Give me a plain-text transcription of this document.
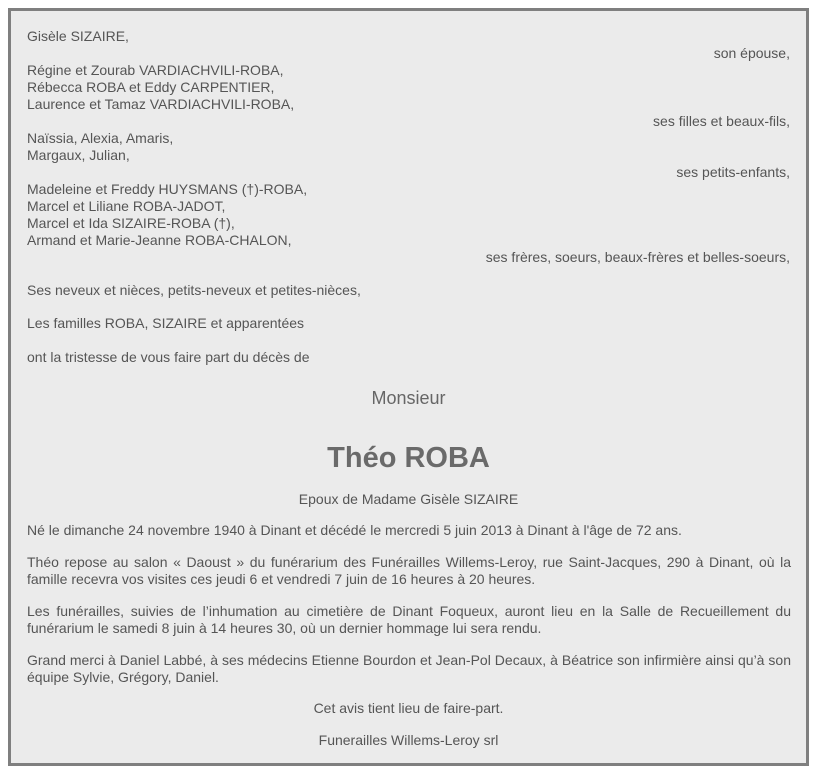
Gisèle SIZAIRE,
son épouse,
Régine et Zourab VARDIACHVILI-ROBA,
Rébecca ROBA et Eddy CARPENTIER,
Laurence et Tamaz VARDIACHVILI-ROBA,
ses filles et beaux-fils,
Naïssia, Alexia, Amaris,
Margaux, Julian,
ses petits-enfants,
Madeleine et Freddy HUYSMANS (†)-ROBA,
Marcel et Liliane ROBA-JADOT,
Marcel et Ida SIZAIRE-ROBA (†),
Armand et Marie-Jeanne ROBA-CHALON,
ses frères, soeurs, beaux-frères et belles-soeurs,
Ses neveux et nièces, petits-neveux et petites-nièces,
Les familles ROBA, SIZAIRE et apparentées
ont la tristesse de vous faire part du décès de
Monsieur
Théo ROBA
Epoux de Madame Gisèle SIZAIRE
Né le dimanche 24 novembre 1940 à Dinant et décédé le mercredi 5 juin 2013 à Dinant à l'âge de 72 ans.
Théo repose au salon « Daoust » du funérarium des Funérailles Willems-Leroy, rue Saint-Jacques, 290 à Dinant, où la famille recevra vos visites ces jeudi 6 et vendredi 7 juin de 16 heures à 20 heures.
Les funérailles, suivies de l’inhumation au cimetière de Dinant Foqueux, auront lieu en la Salle de Recueillement du funérarium le samedi 8 juin à 14 heures 30, où un dernier hommage lui sera rendu.
Grand merci à Daniel Labbé, à ses médecins Etienne Bourdon et Jean-Pol Decaux, à Béatrice son infirmière ainsi qu’à son équipe Sylvie, Grégory, Daniel.
Cet avis tient lieu de faire-part.
Funerailles Willems-Leroy srl
